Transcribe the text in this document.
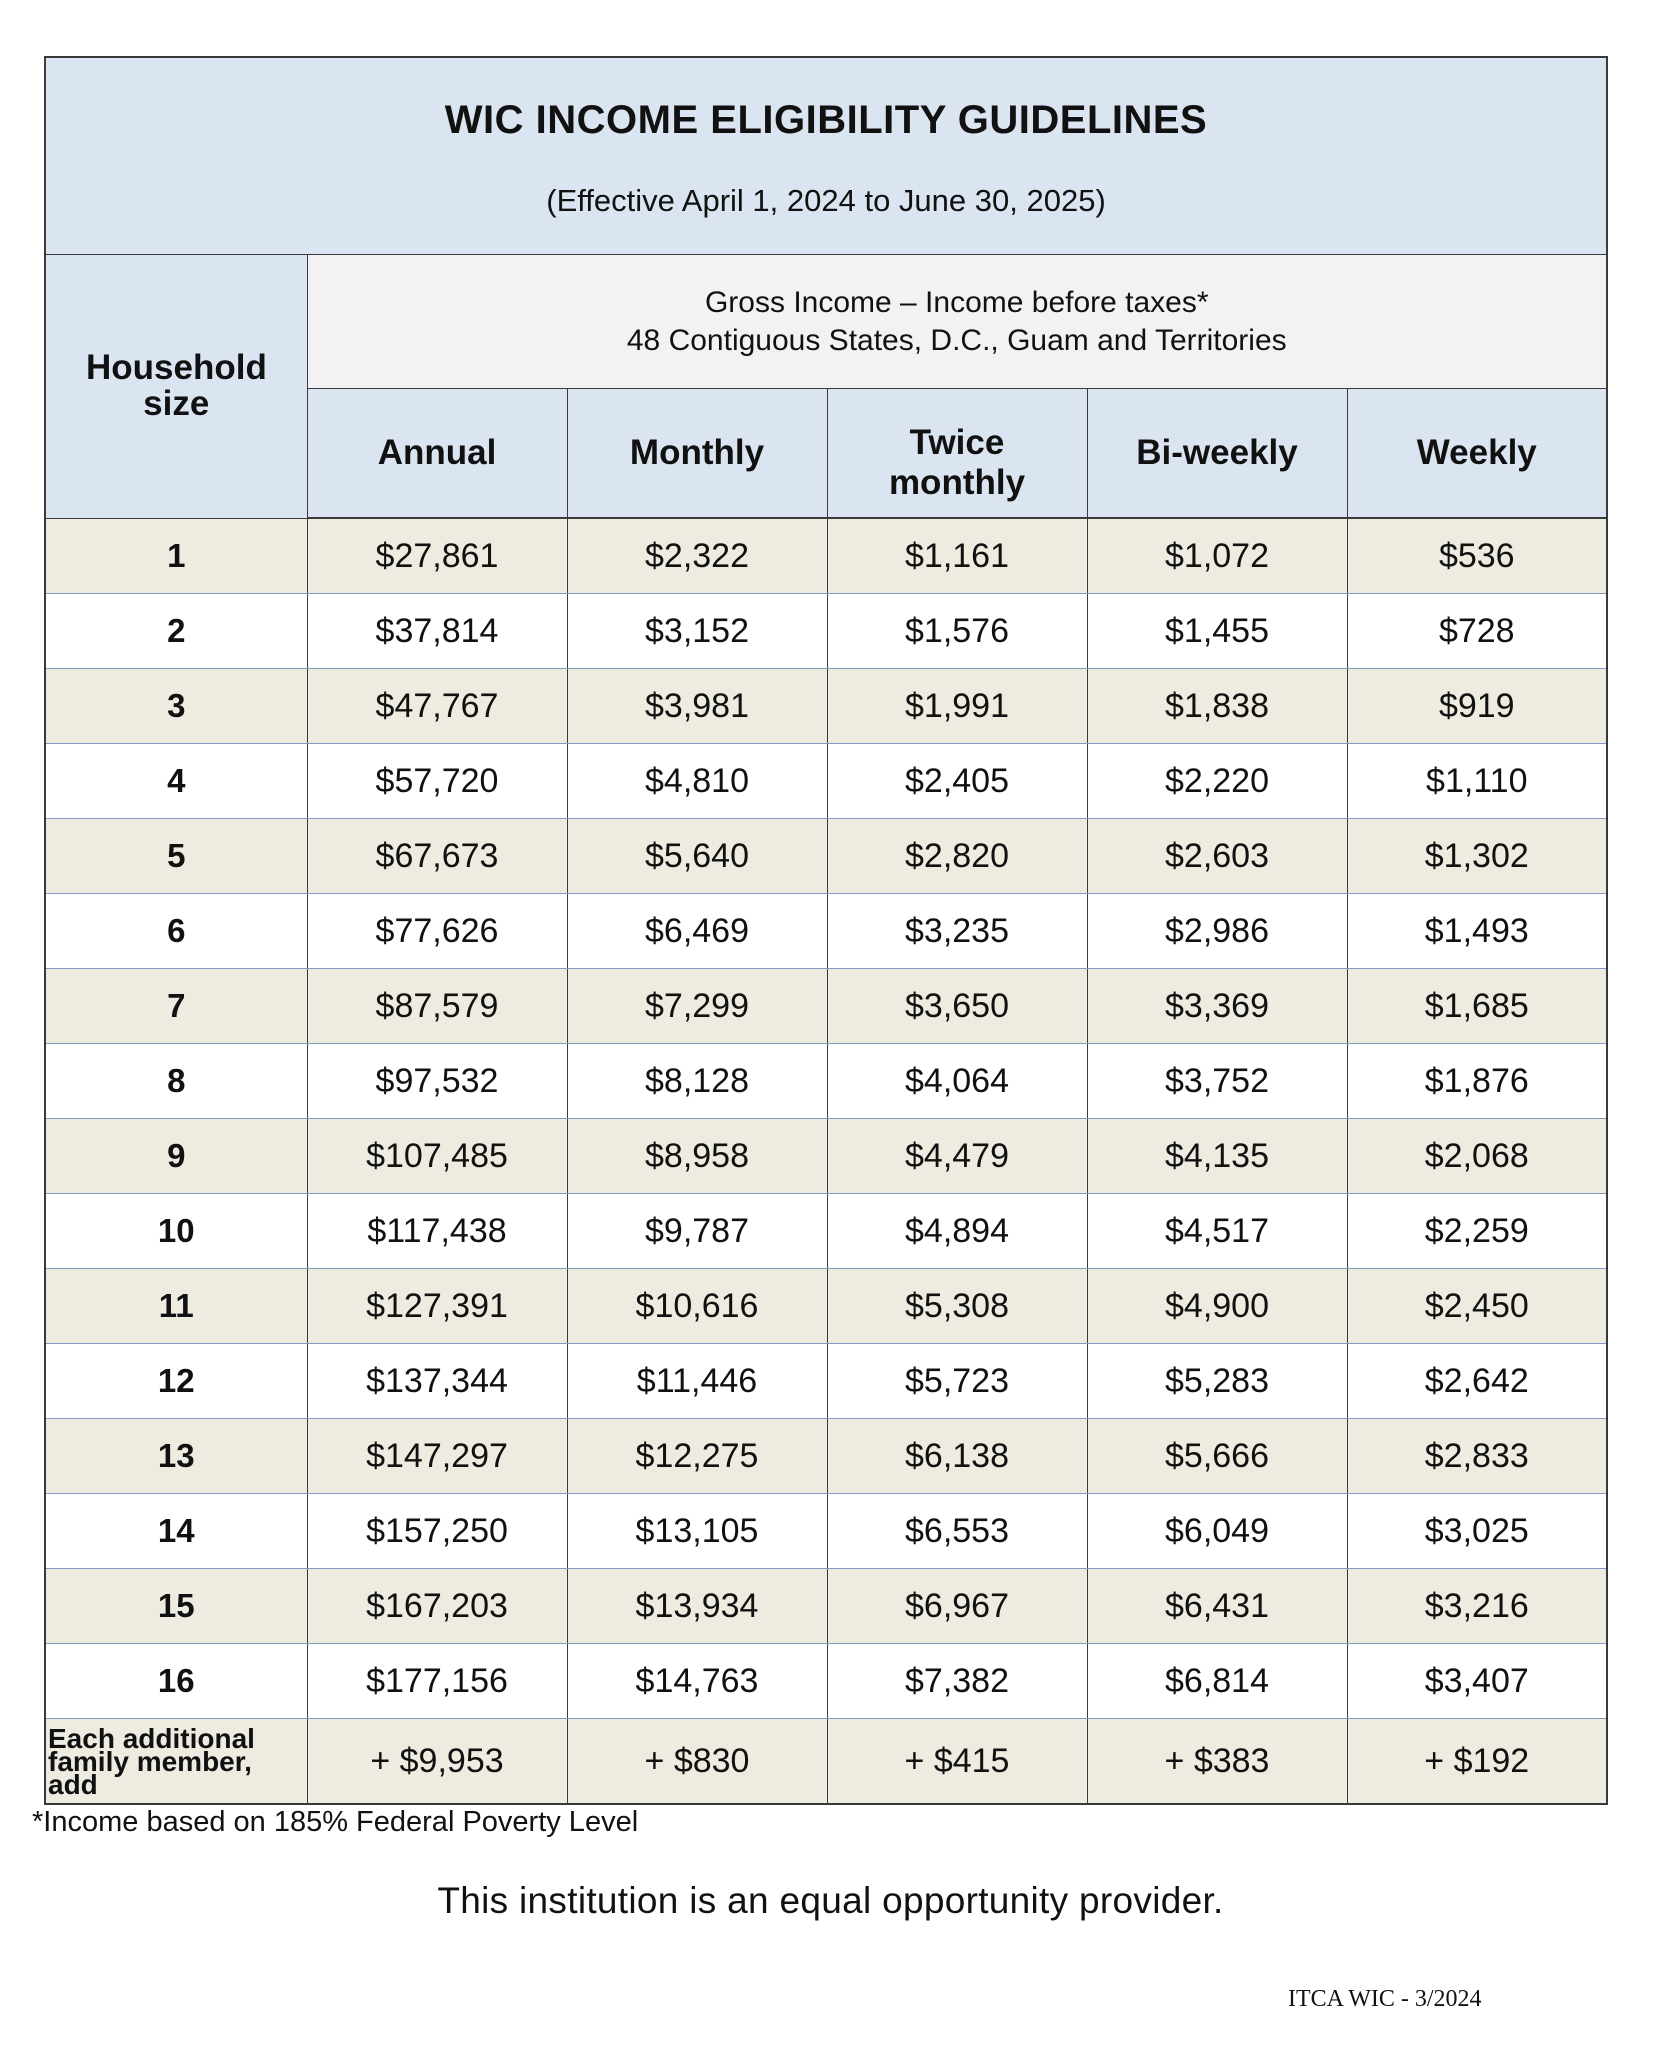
WIC INCOME ELIGIBILITY GUIDELINES
(Effective April 1, 2024 to June 30, 2025)					

Household size	Gross Income – Income before taxes*
48 Contiguous States, D.C., Guam and Territories				

	Annual	Monthly	Twice monthly	Bi-weekly	Weekly
1	$27,861	$2,322	$1,161	$1,072	$536
2	$37,814	$3,152	$1,576	$1,455	$728
3	$47,767	$3,981	$1,991	$1,838	$919
4	$57,720	$4,810	$2,405	$2,220	$1,110
5	$67,673	$5,640	$2,820	$2,603	$1,302
6	$77,626	$6,469	$3,235	$2,986	$1,493
7	$87,579	$7,299	$3,650	$3,369	$1,685
8	$97,532	$8,128	$4,064	$3,752	$1,876
9	$107,485	$8,958	$4,479	$4,135	$2,068
10	$117,438	$9,787	$4,894	$4,517	$2,259
11	$127,391	$10,616	$5,308	$4,900	$2,450
12	$137,344	$11,446	$5,723	$5,283	$2,642
13	$147,297	$12,275	$6,138	$5,666	$2,833
14	$157,250	$13,105	$6,553	$6,049	$3,025
15	$167,203	$13,934	$6,967	$6,431	$3,216
16	$177,156	$14,763	$7,382	$6,814	$3,407
Each additional family member, add	+ $9,953	+ $830	+ $415	+ $383	+ $192
*Income based on 185% Federal Poverty Level
This institution is an equal opportunity provider.
ITCA WIC - 3/2024
